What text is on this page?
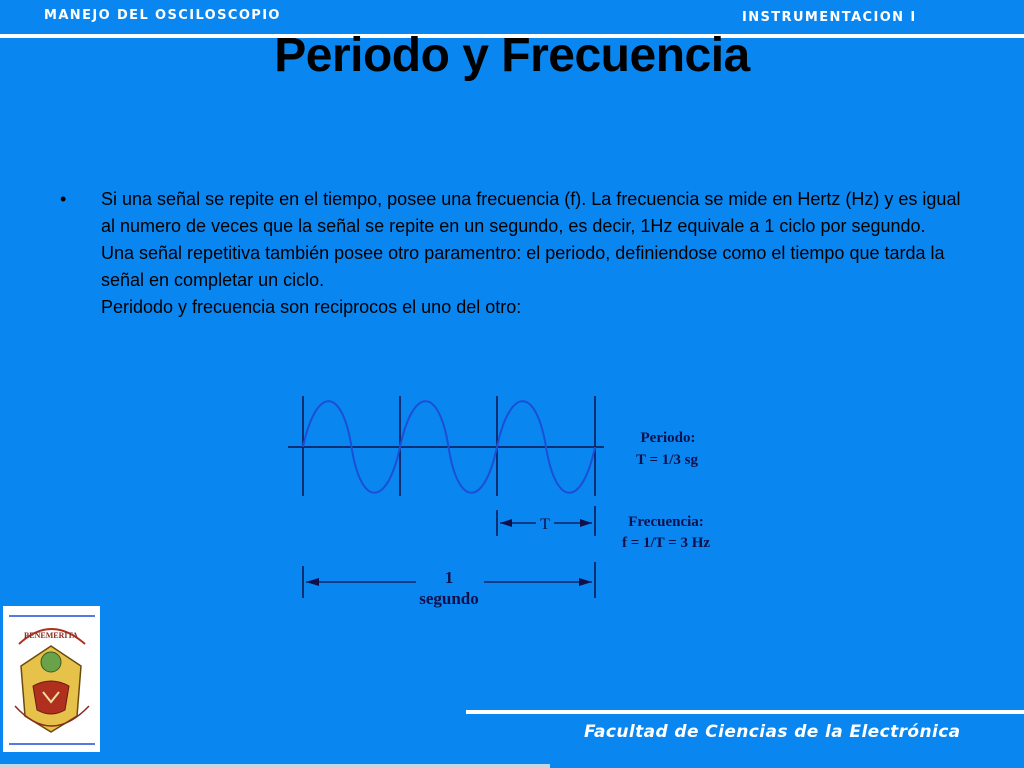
MANEJO DEL OSCILOSCOPIO	INSTRUMENTACION I
Periodo y Frecuencia
•	Si una señal se repite en el tiempo, posee una frecuencia (f). La frecuencia se mide en Hertz (Hz) y es igual al numero de veces que la señal se repite en un segundo, es decir, 1Hz equivale a 1 ciclo por segundo.

Una señal repetitiva también posee otro paramentro: el periodo, definiendose como el tiempo que tarda la señal en completar un ciclo.

Peridodo y frecuencia son reciprocos el uno del otro:

T
1
segundo
Periodo:
T = 1/3 sg
Frecuencia:
f = 1/T = 3 Hz
BENEMERITA
Facultad de Ciencias de la Electrónica
